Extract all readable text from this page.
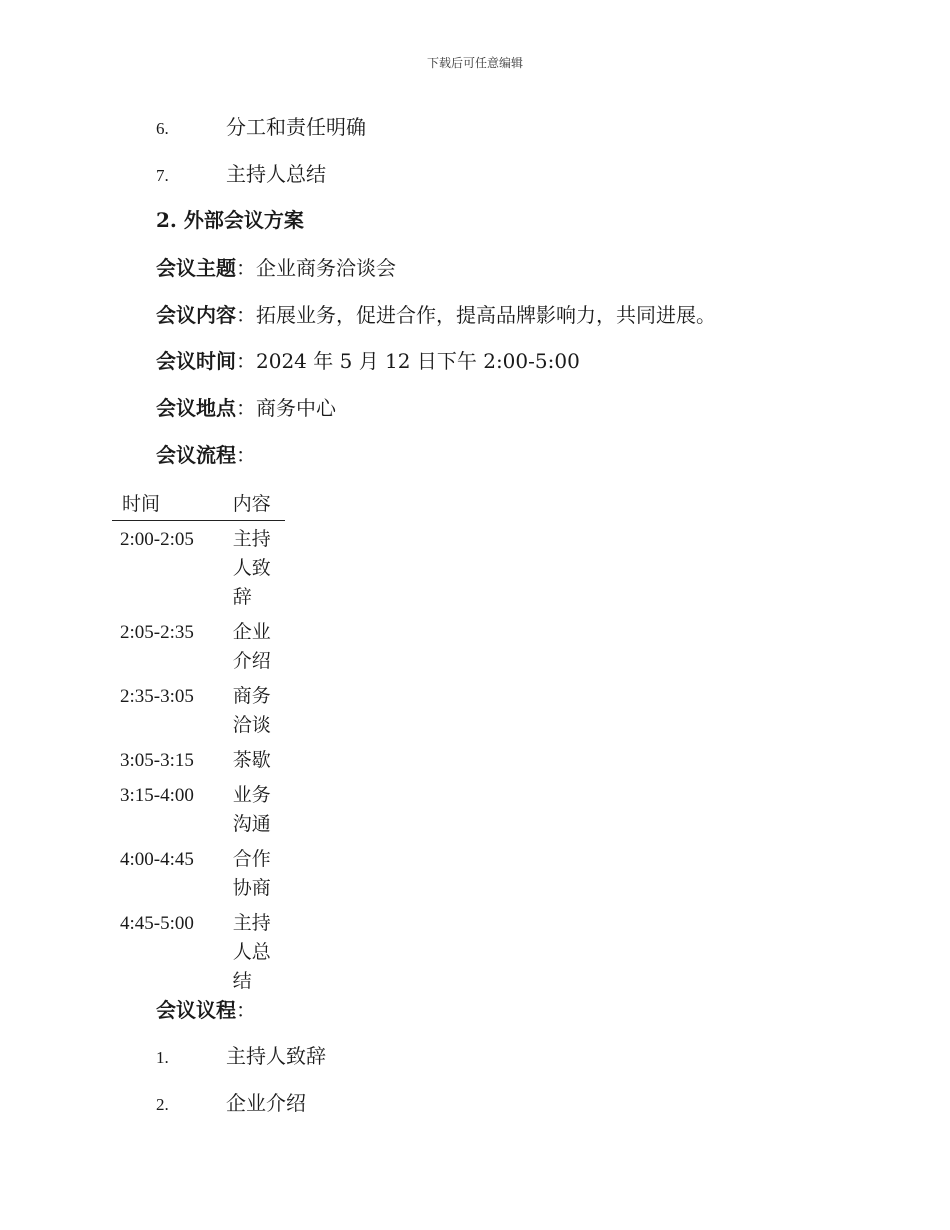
下载后可任意编辑
6.	分工和责任明确
7.	主持人总结
2. 外部会议方案
会议主题：企业商务洽谈会
会议内容：拓展业务，促进合作，提高品牌影响力，共同进展。
会议时间：2024 年 5 月 12 日下午 2:00-5:00
会议地点：商务中心
会议流程：
时间	内容
2:00-2:05	主持人致辞
2:05-2:35	企业介绍
2:35-3:05	商务洽谈
3:05-3:15	茶歇
3:15-4:00	业务沟通
4:00-4:45	合作协商
4:45-5:00	主持人总结
会议议程：
1.	主持人致辞
2.	企业介绍
